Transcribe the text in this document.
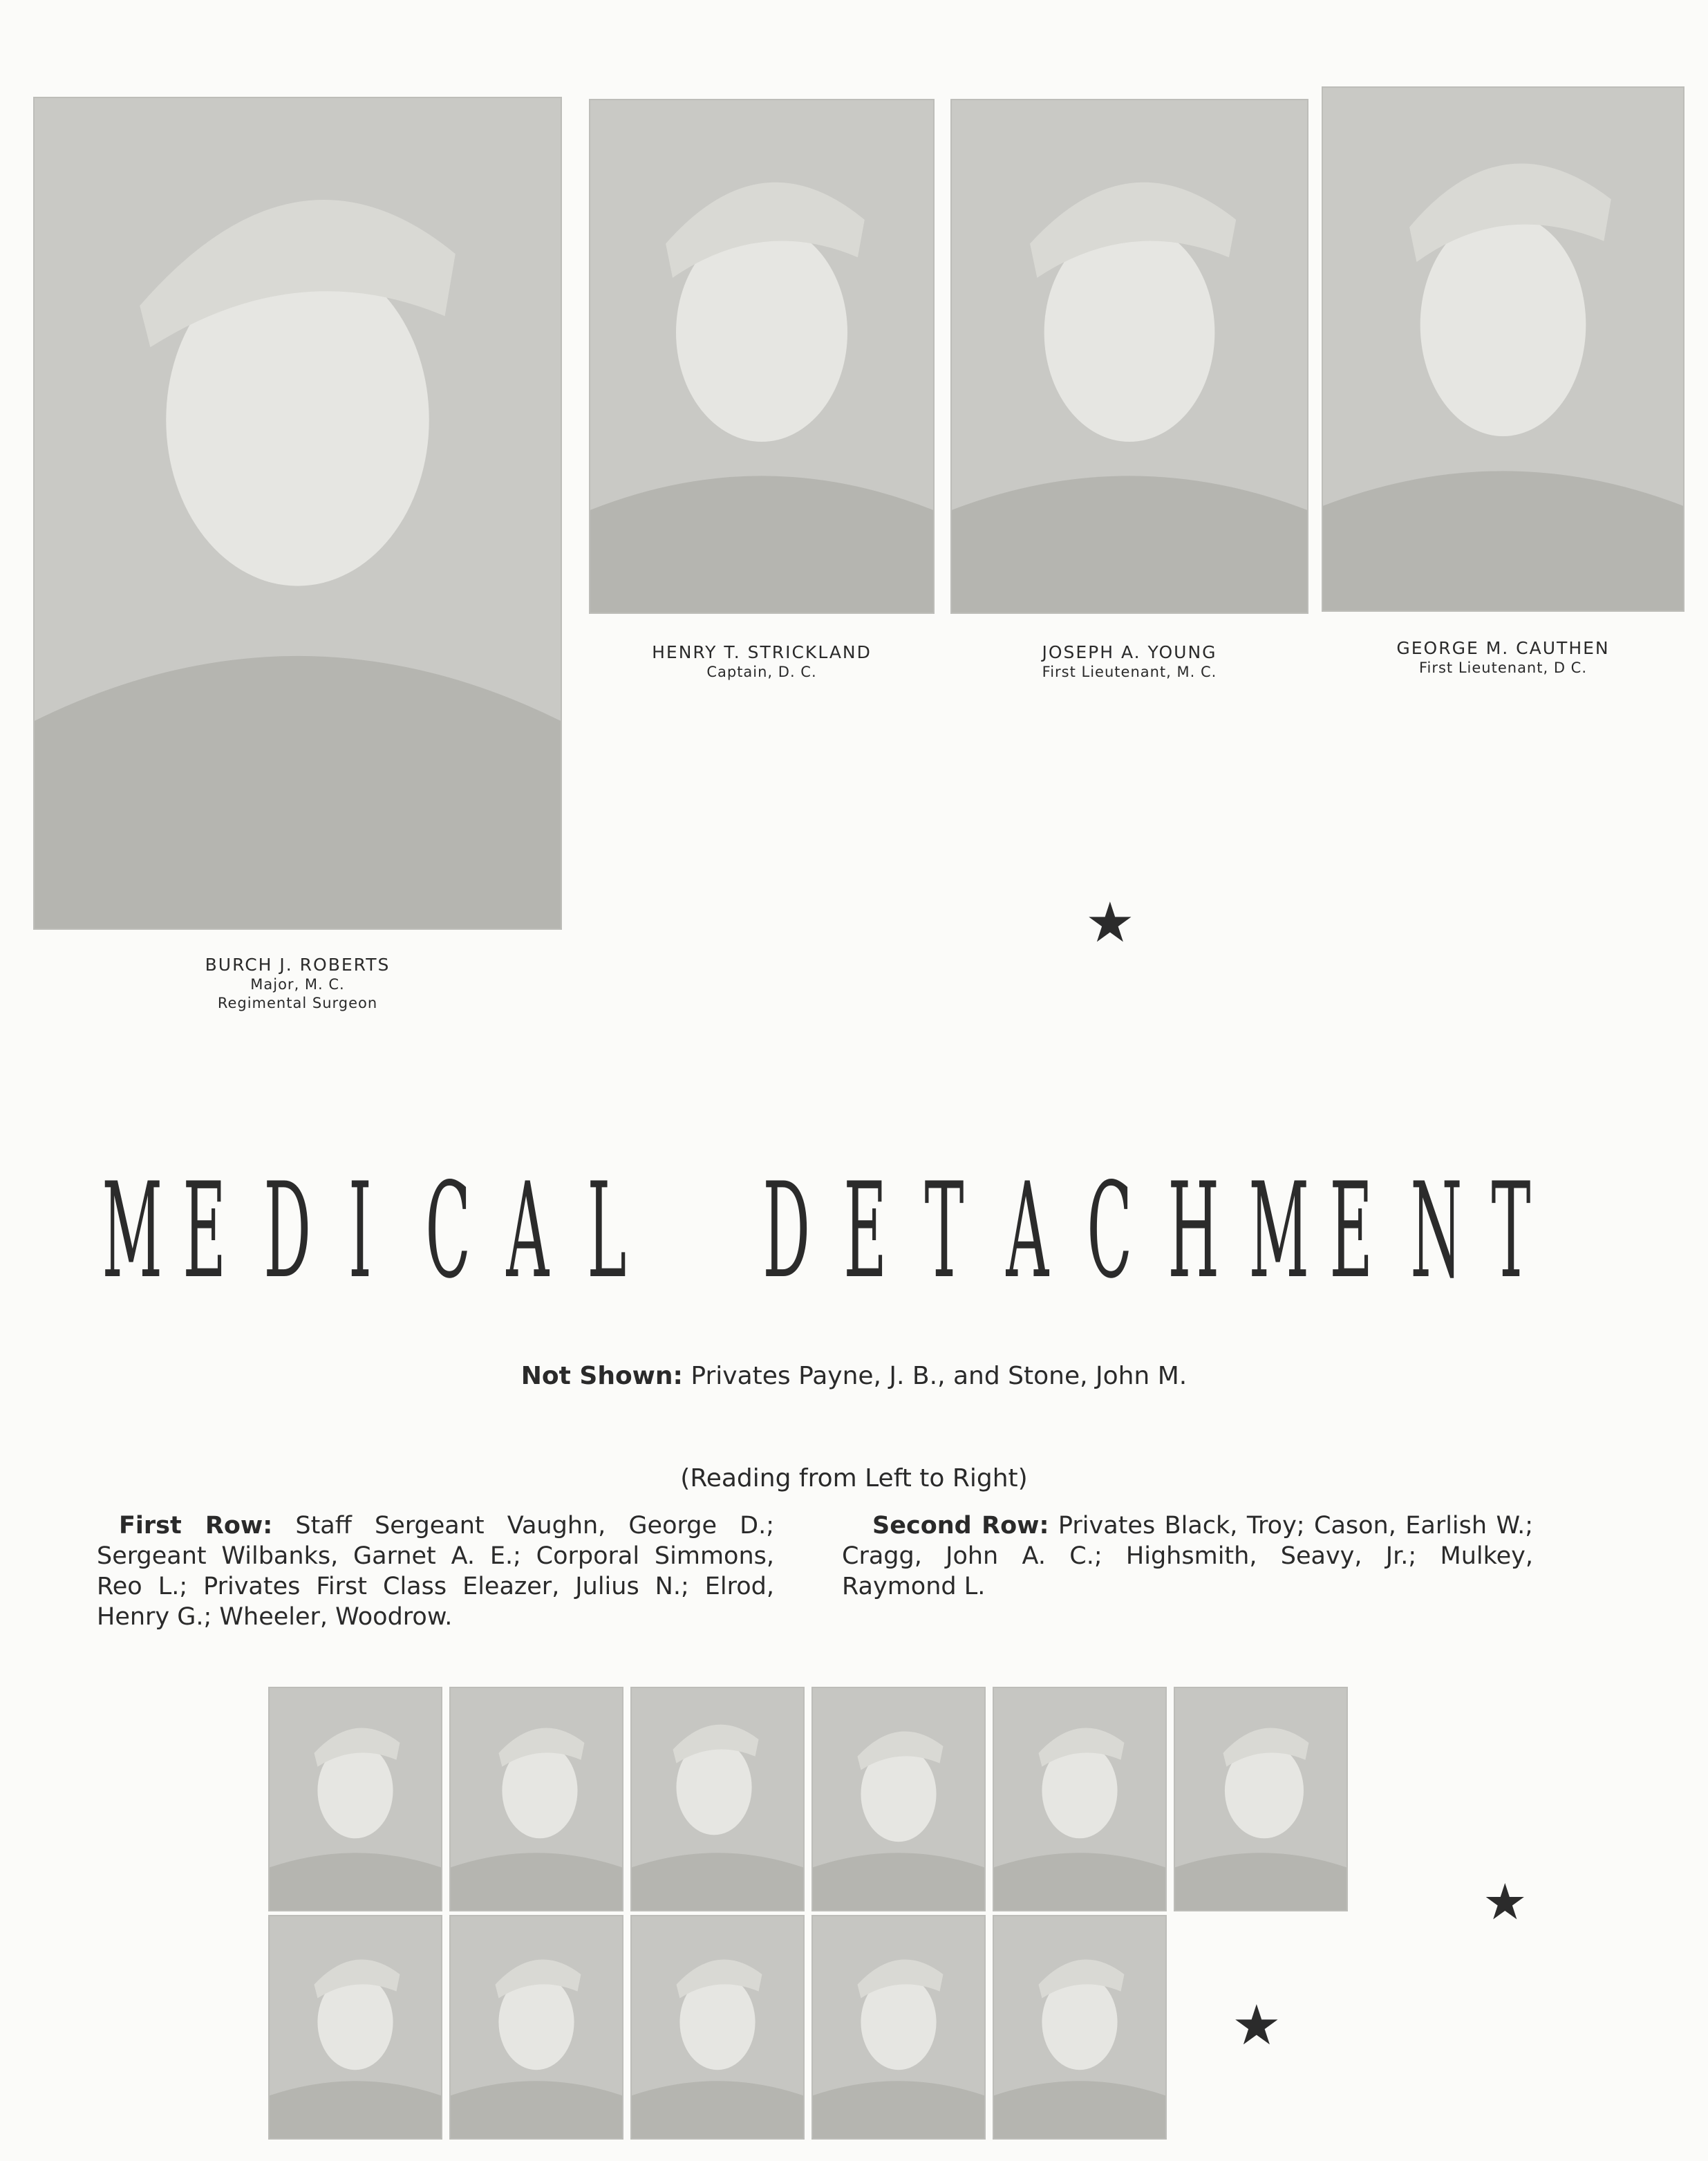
HENRY T. STRICKLAND
Captain, D. C.
JOSEPH A. YOUNG
First Lieutenant, M. C.
GEORGE M. CAUTHEN
First Lieutenant, D C.
BURCH J. ROBERTS
Major, M. C.
Regimental Surgeon
★
M E D I C A L D E T A C H M E N T
Not Shown: Privates Payne, J. B., and Stone, John M.
(Reading from Left to Right)
First Row: Staff Sergeant Vaughn, George D.; Sergeant Wilbanks, Garnet A. E.; Corporal Simmons, Reo L.; Privates First Class Eleazer, Julius N.; Elrod, Henry G.; Wheeler, Woodrow.
Second Row: Privates Black, Troy; Cason, Earlish W.; Cragg, John A. C.; Highsmith, Seavy, Jr.; Mulkey, Raymond L.
★
★
